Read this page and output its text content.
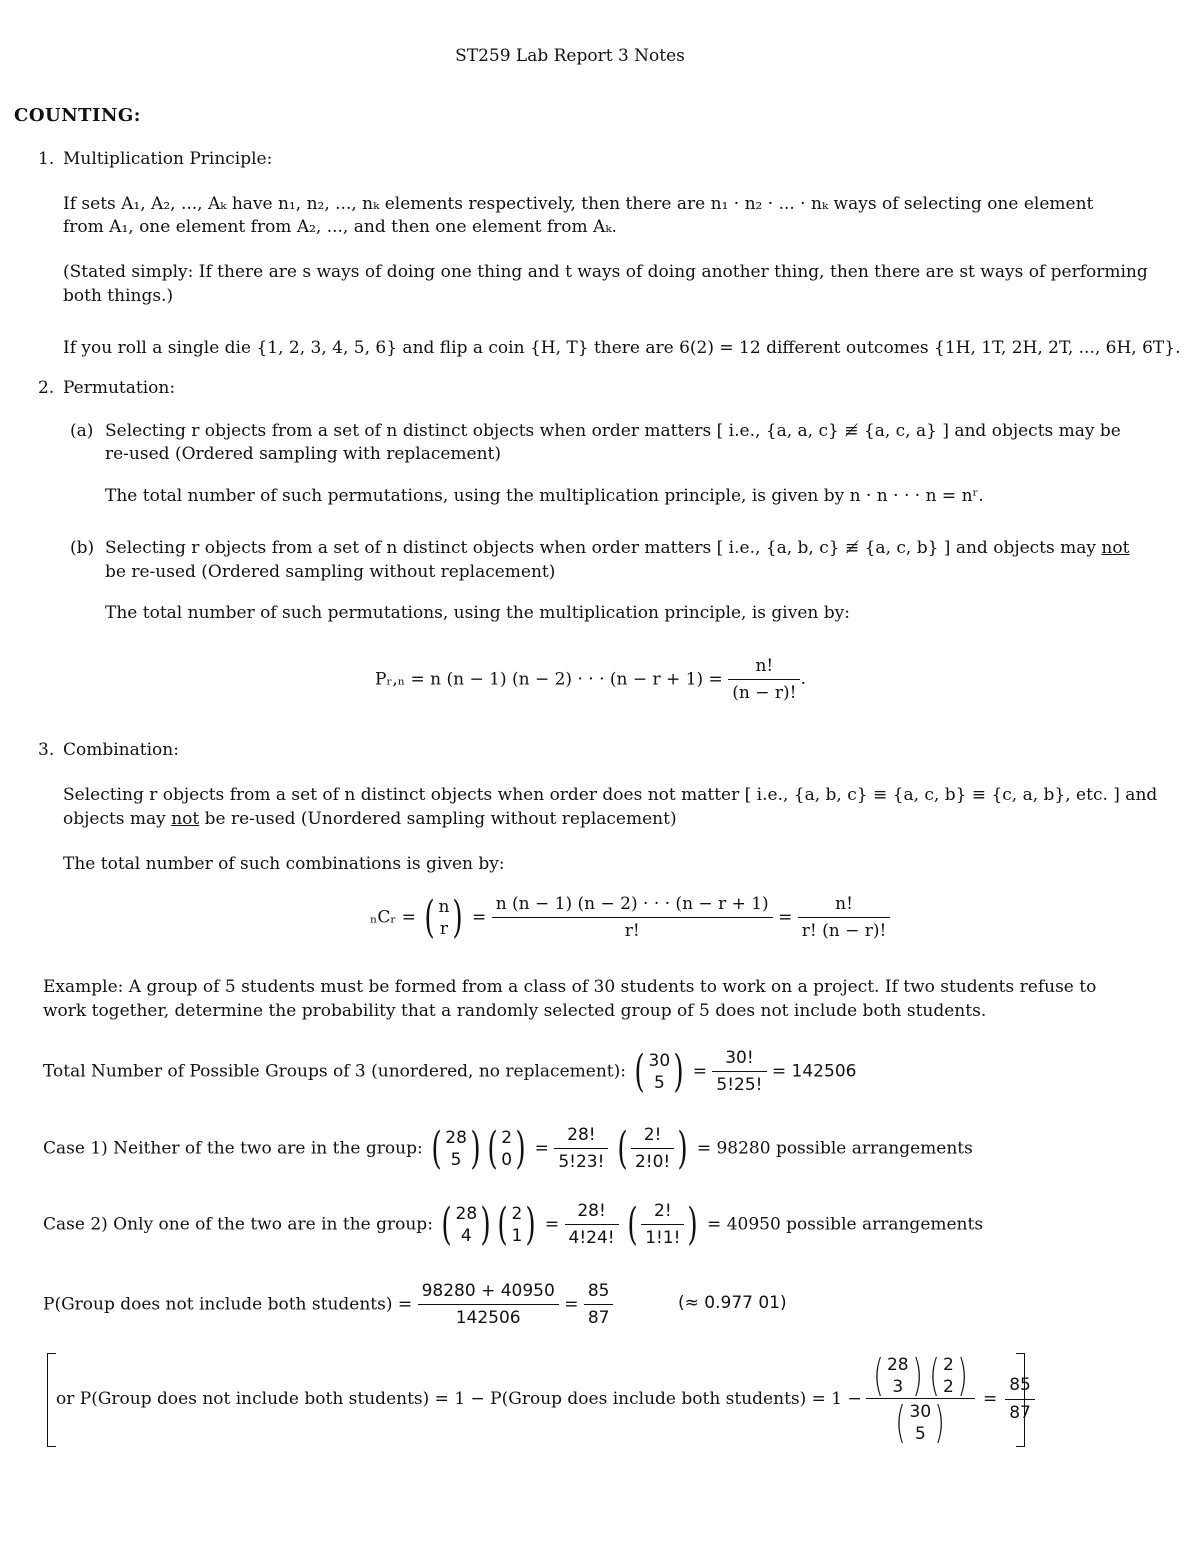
ST259 Lab Report 3 Notes
COUNTING:
1. Multiplication Principle:
If sets A₁, A₂, ..., Aₖ have n₁, n₂, ..., nₖ elements respectively, then there are n₁ · n₂ · ... · nₖ ways of selecting one element
from A₁, one element from A₂, ..., and then one element from Aₖ.
(Stated simply: If there are s ways of doing one thing and t ways of doing another thing, then there are st ways of performing
both things.)
If you roll a single die {1, 2, 3, 4, 5, 6} and flip a coin {H, T} there are 6(2) = 12 different outcomes {1H, 1T, 2H, 2T, ..., 6H, 6T}.
2. Permutation:
(a) Selecting r objects from a set of n distinct objects when order matters [ i.e., {a, a, c} ≢ {a, c, a} ] and objects may be
re-used (Ordered sampling with replacement)
The total number of such permutations, using the multiplication principle, is given by n · n · · · n = nʳ.
(b) Selecting r objects from a set of n distinct objects when order matters [ i.e., {a, b, c} ≢ {a, c, b} ] and objects may not
be re-used (Ordered sampling without replacement)
The total number of such permutations, using the multiplication principle, is given by:
Pᵣ,ₙ = n (n − 1) (n − 2) · · · $(n - r + 1) = \frac{n!}{(n - r)!}$ .
3. Combination:
Selecting r objects from a set of n distinct objects when order does not matter [ i.e., {a, b, c} ≡ {a, c, b} ≡ {c, a, b}, etc. ] and
objects may not be re-used (Unordered sampling without replacement)
The total number of such combinations is given by:
ₙCᵣ = ( n
r ) = $\frac{n (n - 1) (n - 2) \cdot \cdot \cdot (n - r + 1)}{r!} = \frac{n!}{r! (n - r)!}$
Example: A group of 5 students must be formed from a class of 30 students to work on a project. If two students refuse to
work together, determine the probability that a randomly selected group of 5 does not include both students.
Total Number of Possible Groups of 3 (unordered, no replacement): ( 30
5 ) = $\frac{30!}{5!25!} = 142506$
Case 1) Neither of the two are in the group: ( 28
5 ) ( 2
0 ) = $\frac{28!}{5!23!}$
( $\frac{2!}{2!0!}$ ) = 98280 possible arrangements
Case 2) Only one of the two are in the group: ( 28
4 ) ( 2
1 ) = $\frac{28!}{4!24!}$
( $\frac{2!}{1!1!}$ ) = 40950 possible arrangements
P(Group does not include both students) = $\frac{98280 + 40950}{142506} = \frac{85}{87}$	(≈ 0.977 01)
or P(Group does not include both students) = 1 − P(Group does include both students) = 1 − ( 28
3 ) ( 2
2 )
( 30
5 ) = $\frac{85}{87}$
